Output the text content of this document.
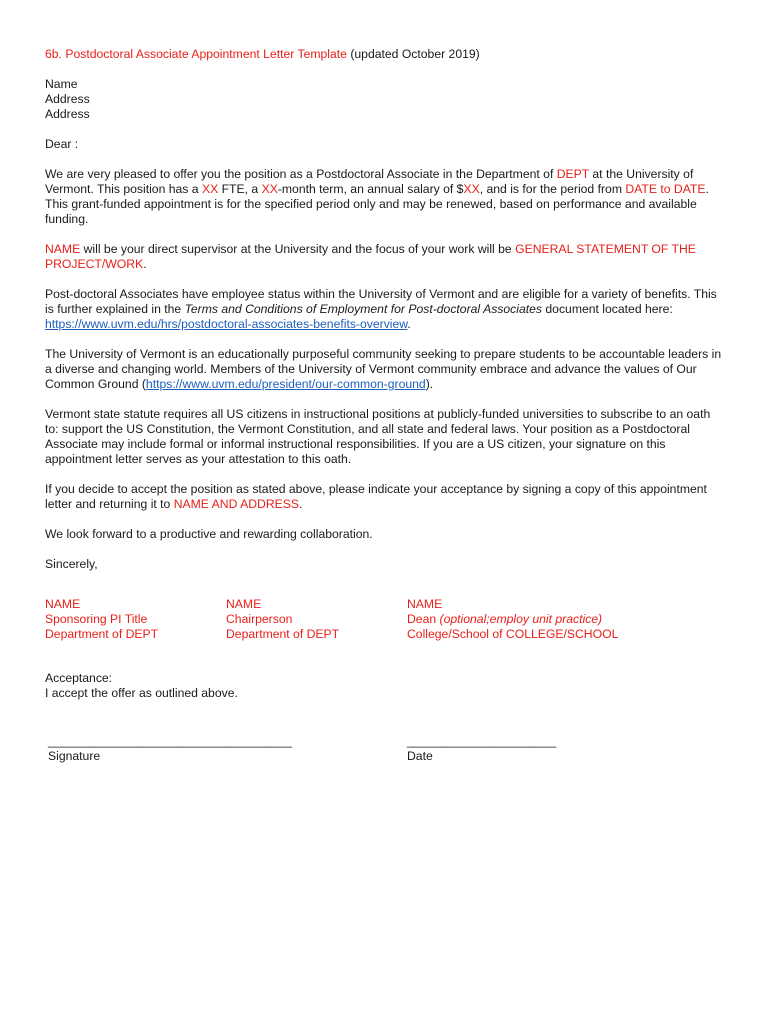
6b. Postdoctoral Associate Appointment Letter Template (updated October 2019)

Name

Address

Address

Dear :

We are very pleased to offer you the position as a Postdoctoral Associate in the Department of DEPT at the University of Vermont. This position has a XX FTE, a XX-month term, an annual salary of $XX, and is for the period from DATE to DATE. This grant-funded appointment is for the specified period only and may be renewed, based on performance and available funding.

NAME will be your direct supervisor at the University and the focus of your work will be GENERAL STATEMENT OF THE PROJECT/WORK.

Post-doctoral Associates have employee status within the University of Vermont and are eligible for a variety of benefits. This is further explained in the Terms and Conditions of Employment for Post-doctoral Associates document located here: https://www.uvm.edu/hrs/postdoctoral-associates-benefits-overview.

The University of Vermont is an educationally purposeful community seeking to prepare students to be accountable leaders in a diverse and changing world. Members of the University of Vermont community embrace and advance the values of Our Common Ground (https://www.uvm.edu/president/our-common-ground).

Vermont state statute requires all US citizens in instructional positions at publicly-funded universities to subscribe to an oath to: support the US Constitution, the Vermont Constitution, and all state and federal laws. Your position as a Postdoctoral Associate may include formal or informal instructional responsibilities. If you are a US citizen, your signature on this appointment letter serves as your attestation to this oath.

If you decide to accept the position as stated above, please indicate your acceptance by signing a copy of this appointment letter and returning it to NAME AND ADDRESS.

We look forward to a productive and rewarding collaboration.

Sincerely,

NAME
Sponsoring PI Title
Department of DEPT
NAME
Chairperson
Department of DEPT
NAME
Dean (optional;employ unit practice)
College/School of COLLEGE/SCHOOL
Acceptance:
I accept the offer as outlined above.
____________________________________
Signature
______________________
Date
